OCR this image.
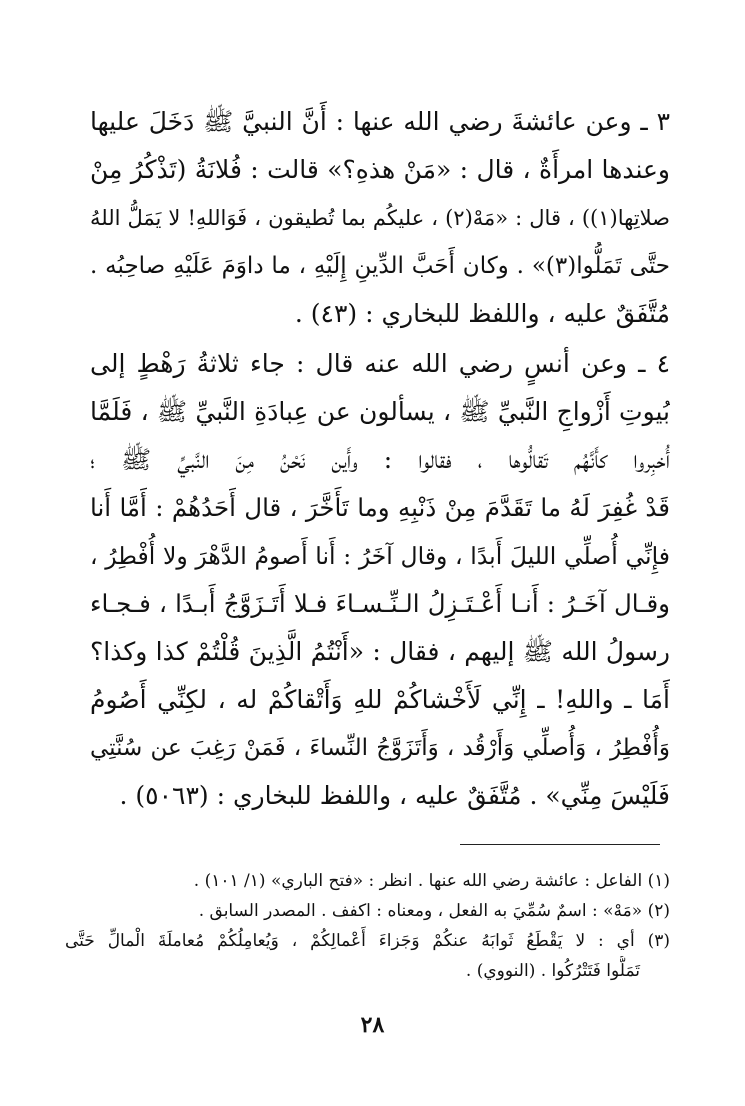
٣ ـ وعن عائشةَ رضي الله عنها : أَنَّ النبيَّ ﷺ دَخَلَ عليها
وعندها امرأَةٌ ، قال : «مَنْ هذهِ؟» قالت : فُلانَةُ (تَذْكُرُ مِنْ
صلاتِها(١)) ، قال : «مَهْ(٢) ، عليكُم بما تُطيقون ، فَوَاللهِ! لا يَمَلُّ اللهُ
حتَّى تَمَلُّوا(٣)» . وكان أَحَبَّ الدِّينِ إِلَيْهِ ، ما داوَمَ عَلَيْهِ صاحِبُه .
مُتَّفَقٌ عليه ، واللفظ للبخاري : (٤٣) .
٤ ـ وعن أنسٍ رضي الله عنه قال : جاء ثلاثةُ رَهْطٍ إلى
بُيوتِ أَزْواجِ النَّبيِّ ﷺ ، يسألون عن عِبادَةِ النَّبيِّ ﷺ ، فَلَمَّا
أُخبِروا كأَنَّهُم تَقالُّوها ، فقالوا : وأَين نَحْنُ مِنَ النَّبيِّ ﷺ ؛
قَدْ غُفِرَ لَهُ ما تَقَدَّمَ مِنْ ذَنْبِهِ وما تَأَخَّرَ ، قال أَحَدُهُمْ : أَمَّا أَنا
فإِنِّي أُصلِّي الليلَ أَبدًا ، وقال آخَرُ : أَنا أَصومُ الدَّهْرَ ولا أُفْطِرُ ،
وقـال آخَـرُ : أَنـا أَعْـتَـزِلُ الـنِّـسـاءَ فـلا أَتَـزَوَّجُ أَبـدًا ، فـجـاء
رسولُ الله ﷺ إليهم ، فقال : «أَنْتُمُ الَّذِينَ قُلْتُمْ كذا وكذا؟
أَمَا ـ واللهِ! ـ إِنِّي لَأَخْشاكُمْ للهِ وَأَتْقاكُمْ له ، لكِنِّي أَصُومُ
وَأُفْطِرُ ، وَأُصلِّي وَأَرْقُد ، وَأَتَزَوَّجُ النِّساءَ ، فَمَنْ رَغِبَ عن سُنَّتِي
فَلَيْسَ مِنِّي» . مُتَّفَقٌ عليه ، واللفظ للبخاري : (٥٠٦٣) .
(١) الفاعل : عائشة رضي الله عنها . انظر : «فتح الباري» (١/ ١٠١) .
(٢) «مَهْ» : اسمٌ سُمِّيَ به الفعل ، ومعناه : اكفف . المصدر السابق .
(٣) أي : لا يَقْطَعُ ثَوابَهُ عنكُمْ وَجَزاءَ أَعْمالِكُمْ ، وَيُعامِلُكُمْ مُعاملَةَ الْمالِّ حَتَّى
تَمَلُّوا فَتَتْرُكُوا . (النووي) .
٢٨
